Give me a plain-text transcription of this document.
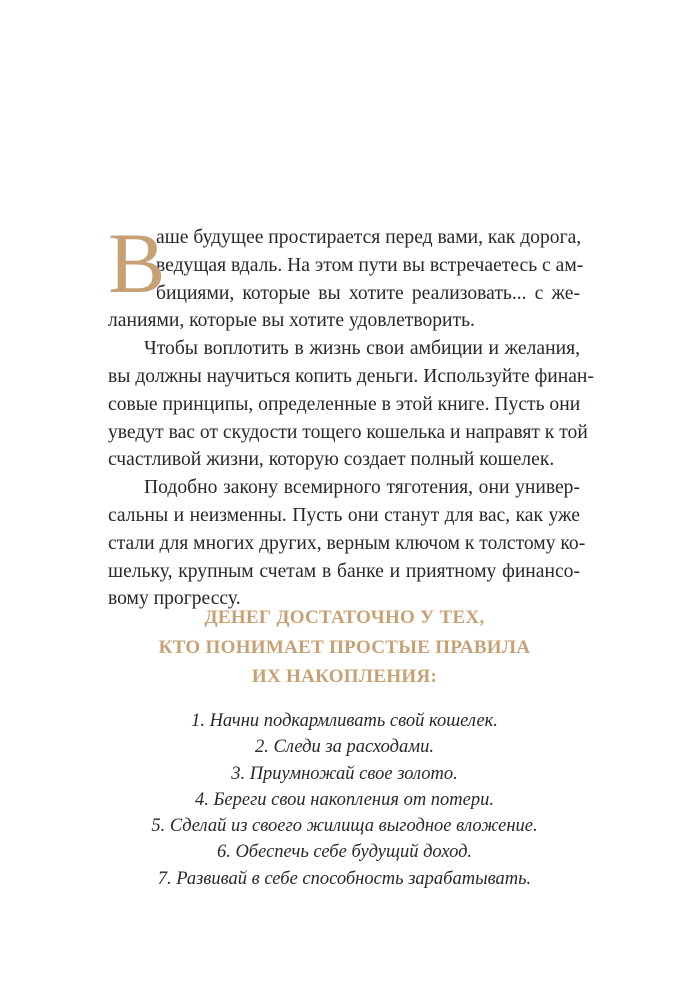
В
аше будущее простирается перед вами, как дорога,
ведущая вдаль. На этом пути вы встречаетесь с ам-
бициями, которые вы хотите реализовать... с же-
ланиями, которые вы хотите удовлетворить.
Чтобы воплотить в жизнь свои амбиции и желания,
вы должны научиться копить деньги. Используйте финан-
совые принципы, определенные в этой книге. Пусть они
уведут вас от скудости тощего кошелька и направят к той
счастливой жизни, которую создает полный кошелек.
Подобно закону всемирного тяготения, они универ-
сальны и неизменны. Пусть они станут для вас, как уже
стали для многих других, верным ключом к толстому ко-
шельку, крупным счетам в банке и приятному финансо-
вому прогрессу.
ДЕНЕГ ДОСТАТОЧНО У ТЕХ,
КТО ПОНИМАЕТ ПРОСТЫЕ ПРАВИЛА
ИХ НАКОПЛЕНИЯ:
1. Начни подкармливать свой кошелек.
2. Следи за расходами.
3. Приумножай свое золото.
4. Береги свои накопления от потери.
5. Сделай из своего жилища выгодное вложение.
6. Обеспечь себе будущий доход.
7. Развивай в себе способность зарабатывать.
